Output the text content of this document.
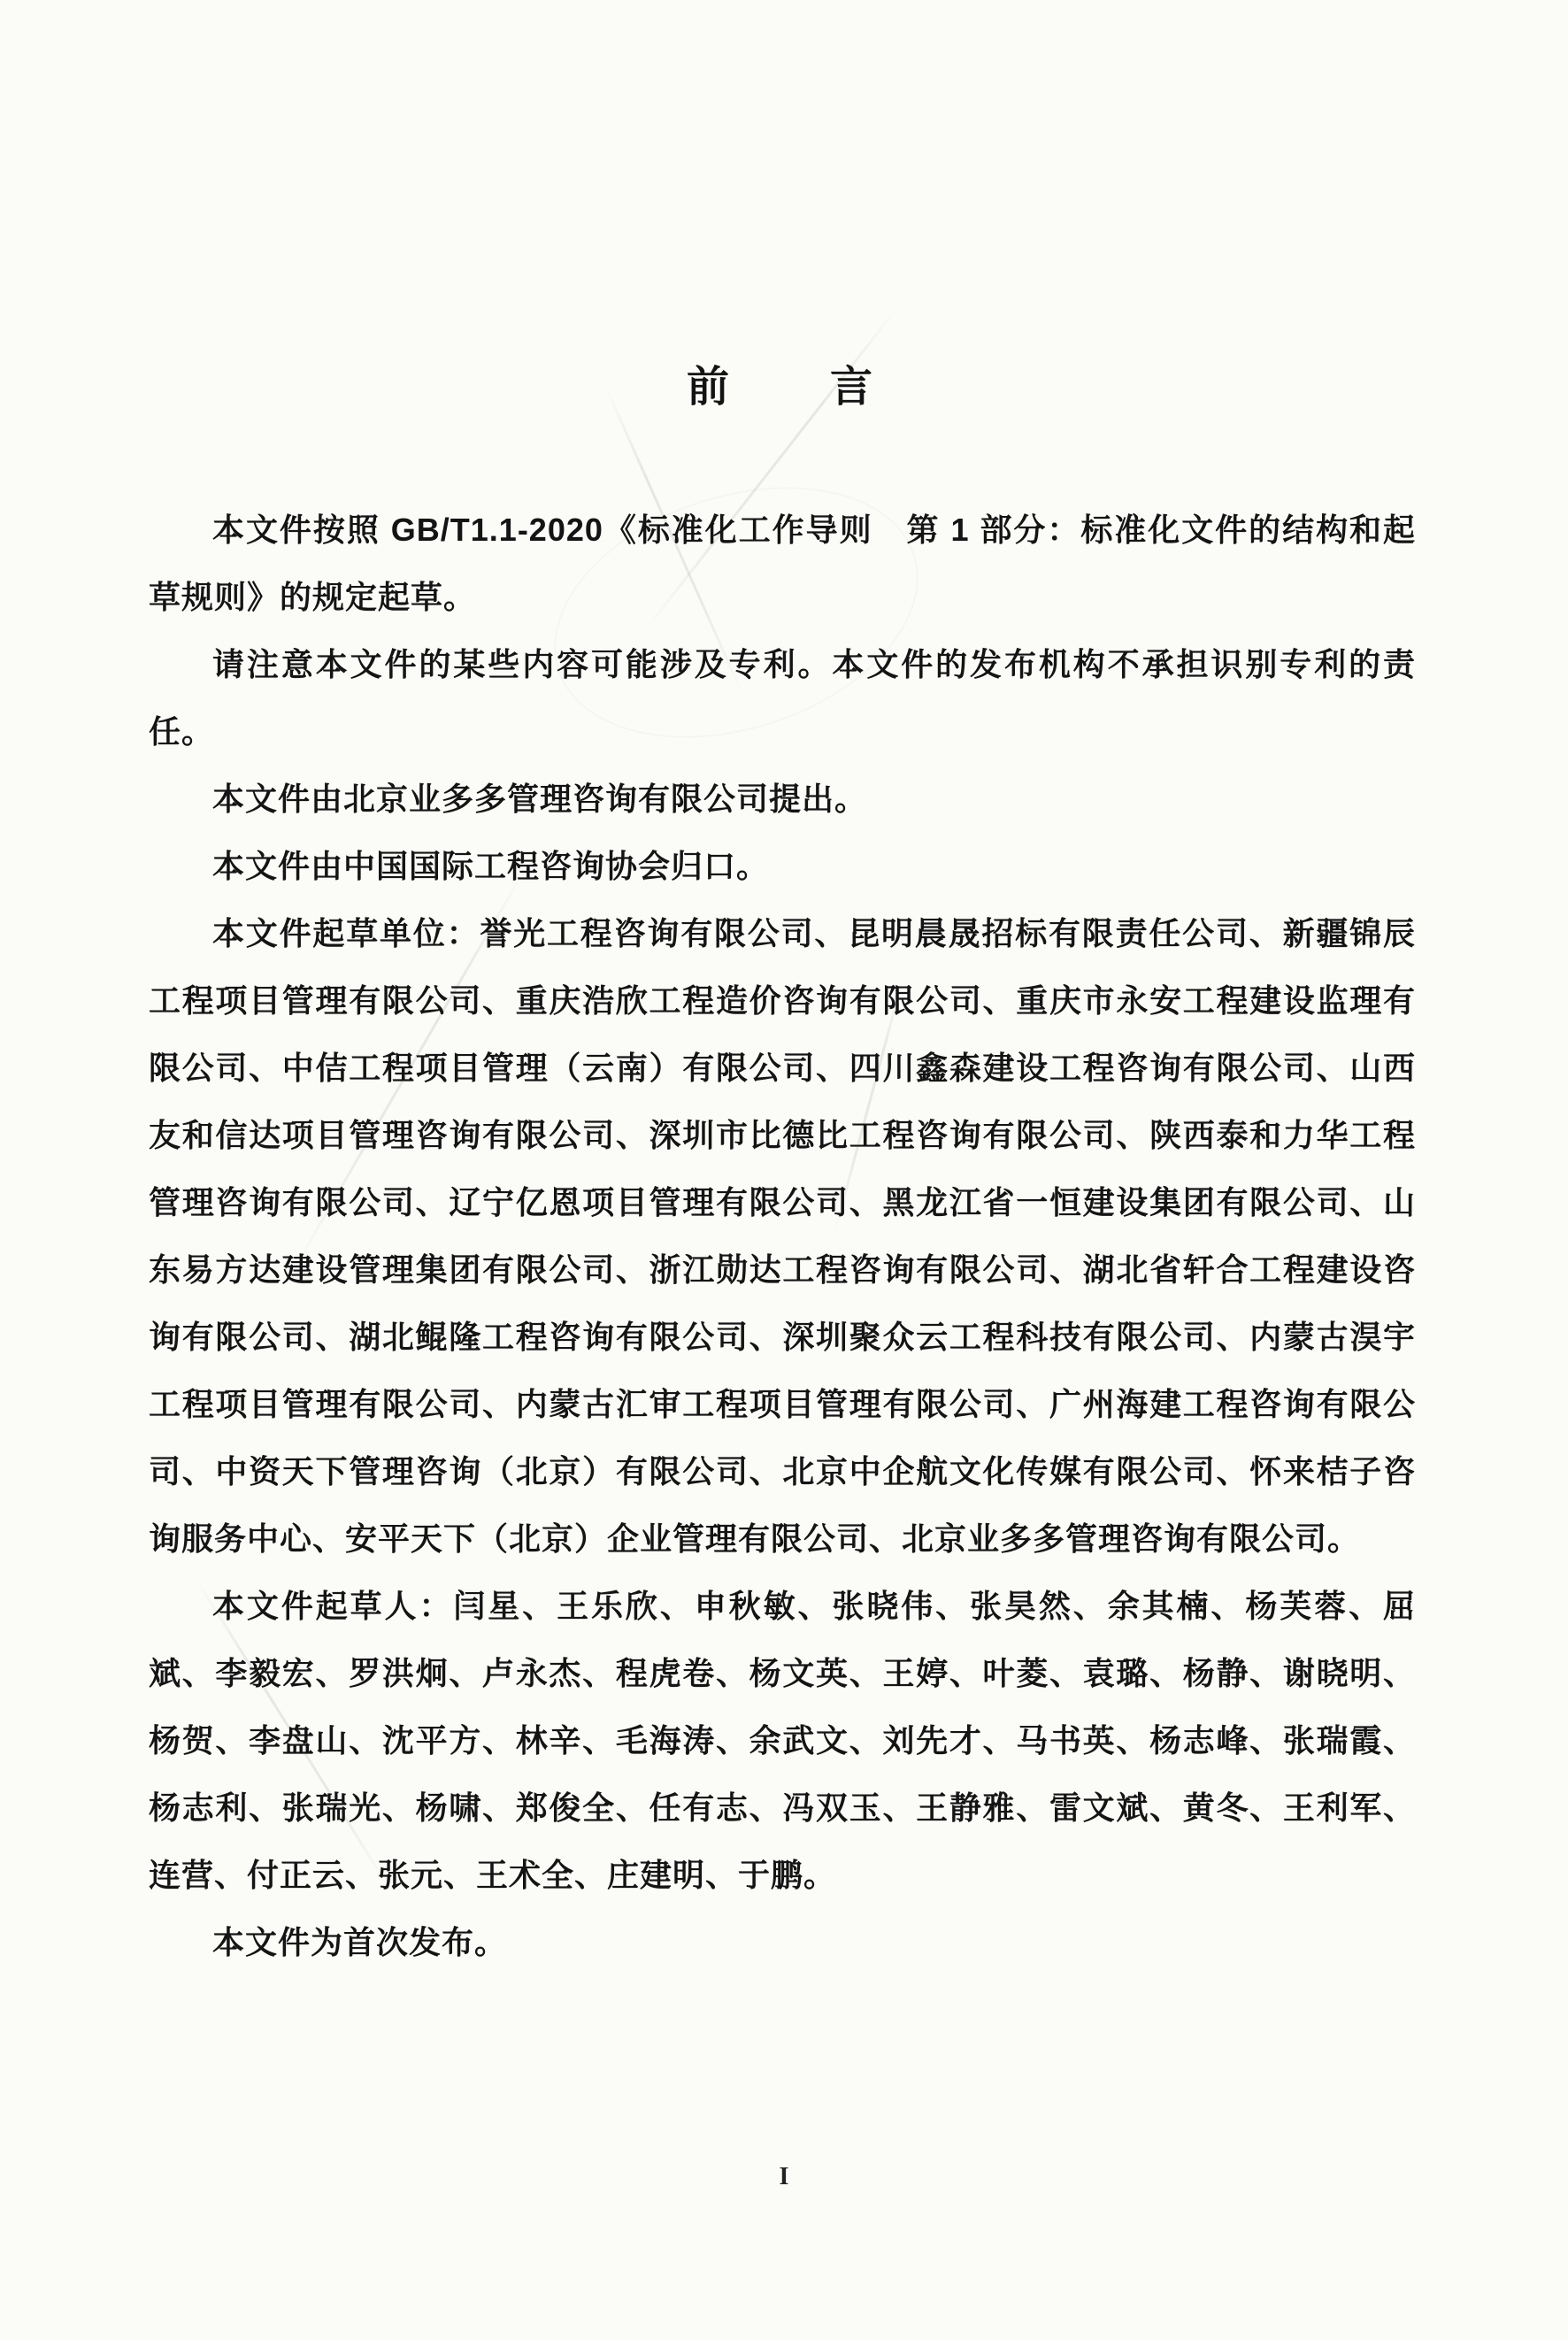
前　　言

本文件按照 GB/T1.1-2020《标准化工作导则　第 1 部分：标准化文件的结构和起草规则》的规定起草。

请注意本文件的某些内容可能涉及专利。本文件的发布机构不承担识别专利的责任。

本文件由北京业多多管理咨询有限公司提出。

本文件由中国国际工程咨询协会归口。

本文件起草单位：誉光工程咨询有限公司、昆明晨晟招标有限责任公司、新疆锦辰工程项目管理有限公司、重庆浩欣工程造价咨询有限公司、重庆市永安工程建设监理有限公司、中佶工程项目管理（云南）有限公司、四川鑫森建设工程咨询有限公司、山西友和信达项目管理咨询有限公司、深圳市比德比工程咨询有限公司、陕西泰和力华工程管理咨询有限公司、辽宁亿恩项目管理有限公司、黑龙江省一恒建设集团有限公司、山东易方达建设管理集团有限公司、浙江勋达工程咨询有限公司、湖北省轩合工程建设咨询有限公司、湖北鲲隆工程咨询有限公司、深圳聚众云工程科技有限公司、内蒙古淏宇工程项目管理有限公司、内蒙古汇审工程项目管理有限公司、广州海建工程咨询有限公司、中资天下管理咨询（北京）有限公司、北京中企航文化传媒有限公司、怀来桔子咨询服务中心、安平天下（北京）企业管理有限公司、北京业多多管理咨询有限公司。

本文件起草人：闫星、王乐欣、申秋敏、张晓伟、张昊然、余其楠、杨芙蓉、屈斌、李毅宏、罗洪炯、卢永杰、程虎卷、杨文英、王婷、叶菱、袁璐、杨静、谢晓明、杨贺、李盘山、沈平方、林辛、毛海涛、余武文、刘先才、马书英、杨志峰、张瑞霞、杨志利、张瑞光、杨啸、郑俊全、任有志、冯双玉、王静雅、雷文斌、黄冬、王利军、连营、付正云、张元、王术全、庄建明、于鹏。

本文件为首次发布。

I
